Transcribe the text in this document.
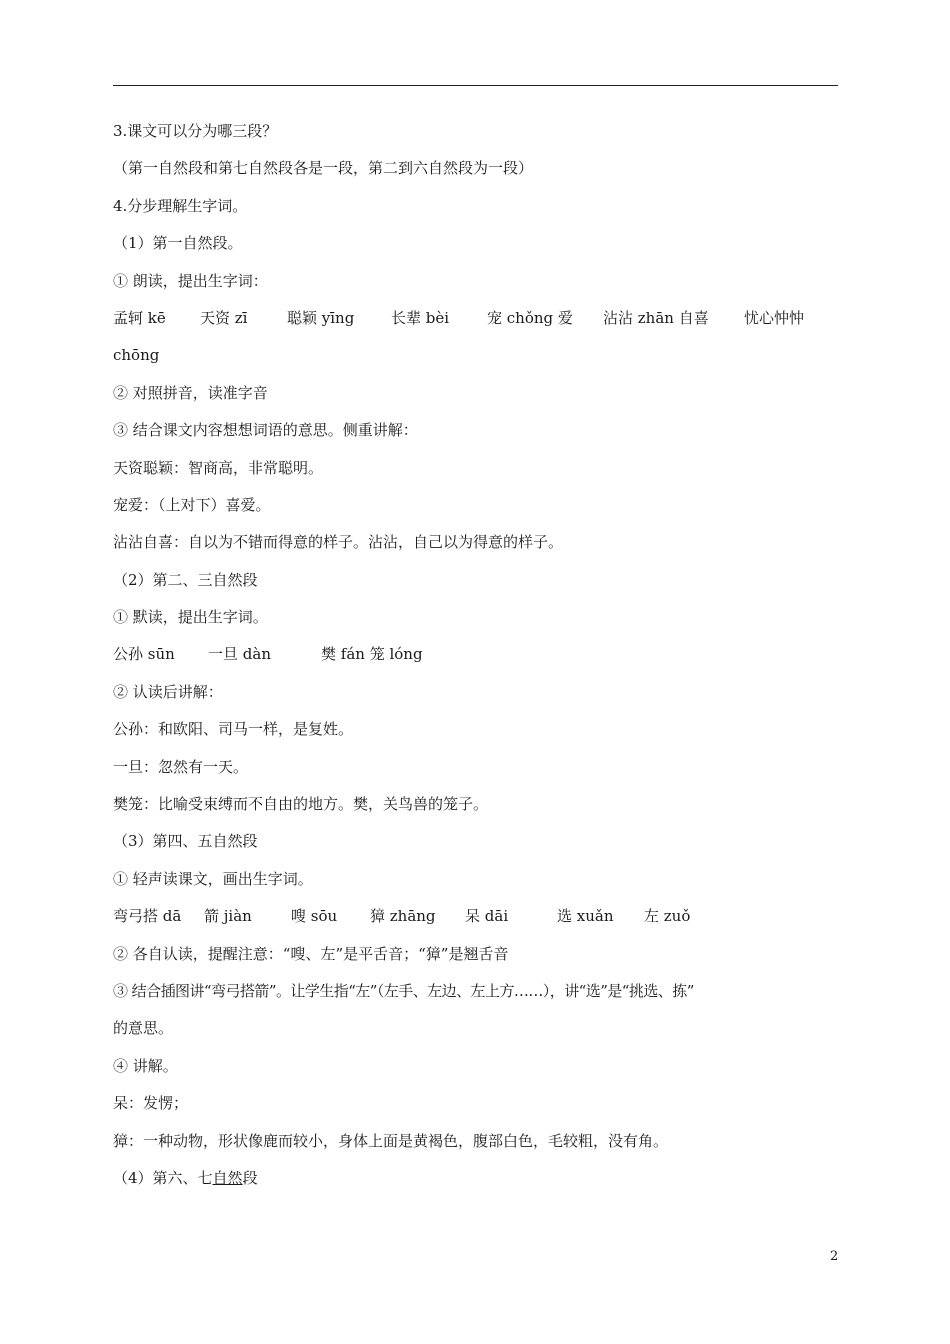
3.课文可以分为哪三段？
（第一自然段和第七自然段各是一段，第二到六自然段为一段）
4.分步理解生字词。
（1）第一自然段。
① 朗读，提出生字词：
孟轲 kē	天资 zī	聪颖 yīng	长辈 bèi	宠 chǒng 爱	沾沾 zhān 自喜	忧心忡忡
chōng
② 对照拼音，读准字音
③ 结合课文内容想想词语的意思。侧重讲解：
天资聪颖：智商高，非常聪明。
宠爱：（上对下）喜爱。
沾沾自喜：自以为不错而得意的样子。沾沾，自己以为得意的样子。
（2）第二、三自然段
① 默读，提出生字词。
公孙 sūn	一旦 dàn	樊 fán 笼 lóng
② 认读后讲解：
公孙：和欧阳、司马一样，是复姓。
一旦：忽然有一天。
樊笼：比喻受束缚而不自由的地方。樊，关鸟兽的笼子。
（3）第四、五自然段
① 轻声读课文，画出生字词。
弯弓搭 dā	箭 jiàn	嗖 sōu	獐 zhāng	呆 dāi	选 xuǎn	左 zuǒ
② 各自认读，提醒注意：“嗖、左”是平舌音；“獐”是翘舌音
③ 结合插图讲“弯弓搭箭”。让学生指“左”（左手、左边、左上方……），讲“选”是“挑选、拣”
的意思。
④ 讲解。
呆：发愣；
獐：一种动物，形状像鹿而较小，身体上面是黄褐色，腹部白色，毛较粗，没有角。
（4）第六、七自然段
2
